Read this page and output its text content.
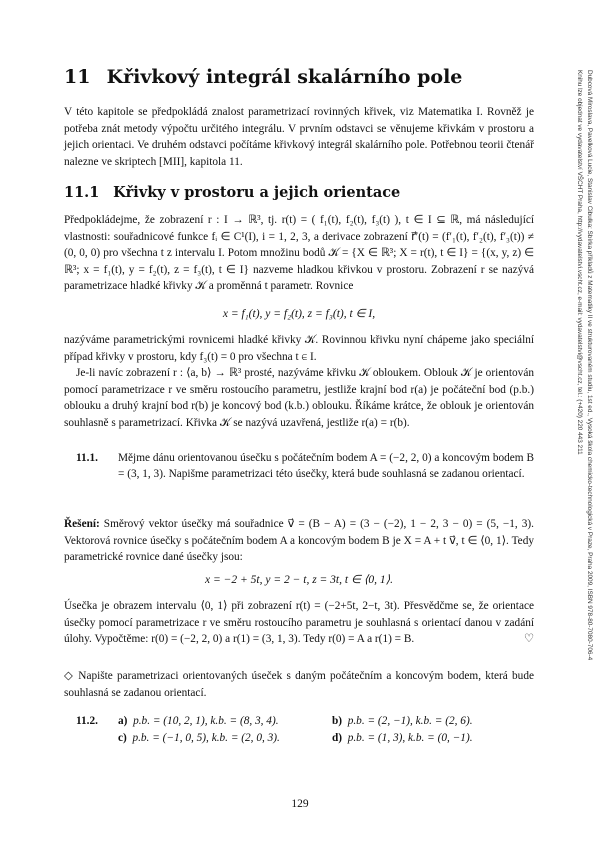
11 Křivkový integrál skalárního pole
V této kapitole se předpokládá znalost parametrizací rovinných křivek, viz Matematika I. Rovněž je potřeba znát metody výpočtu určitého integrálu. V prvním odstavci se věnujeme křivkám v prostoru a jejich orientaci. Ve druhém odstavci počítáme křivkový integrál skalárního pole. Potřebnou teorii čtenář nalezne ve skriptech [MII], kapitola 11.
11.1 Křivky v prostoru a jejich orientace
Předpokládejme, že zobrazení r : I → ℝ³, tj. r(t) = ( f₁(t), f₂(t), f₃(t) ), t ∈ I ⊆ ℝ, má následující vlastnosti: souřadnicové funkce fᵢ ∈ C¹(I), i = 1, 2, 3, a derivace zobrazení r⃗′(t) = (f′₁(t), f′₂(t), f′₃(t)) ≠ (0, 0, 0) pro všechna t z intervalu I. Potom množinu bodů 𝒦 = {X ∈ ℝ³; X = r(t), t ∈ I} = {(x, y, z) ∈ ℝ³; x = f₁(t), y = f₂(t), z = f₃(t), t ∈ I} nazveme hladkou křivkou v prostoru. Zobrazení r se nazývá parametrizace hladké křivky 𝒦 a proměnná t parametr. Rovnice
x = f₁(t), y = f₂(t), z = f₃(t), t ∈ I,
nazýváme parametrickými rovnicemi hladké křivky 𝒦. Rovinnou křivku nyní chápeme jako speciální případ křivky v prostoru, kdy f₃(t) = 0 pro všechna t ∈ I.
Je-li navíc zobrazení r : ⟨a, b⟩ → ℝ³ prosté, nazýváme křivku 𝒦 obloukem. Oblouk 𝒦 je orientován pomocí parametrizace r ve směru rostoucího parametru, jestliže krajní bod r(a) je počáteční bod (p.b.) oblouku a druhý krajní bod r(b) je koncový bod (k.b.) oblouku. Říkáme krátce, že oblouk je orientován souhlasně s parametrizací. Křivka 𝒦 se nazývá uzavřená, jestliže r(a) = r(b).
11.1. Mějme dánu orientovanou úsečku s počátečním bodem A = (−2, 2, 0) a koncovým bodem B = (3, 1, 3). Napišme parametrizaci této úsečky, která bude souhlasná se zadanou orientací.
Řešení: Směrový vektor úsečky má souřadnice v⃗ = (B − A) = (3 − (−2), 1 − 2, 3 − 0) = (5, −1, 3). Vektorová rovnice úsečky s počátečním bodem A a koncovým bodem B je X = A + t v⃗, t ∈ ⟨0, 1⟩. Tedy parametrické rovnice dané úsečky jsou:
x = −2 + 5t, y = 2 − t, z = 3t, t ∈ ⟨0, 1⟩.
Úsečka je obrazem intervalu ⟨0, 1⟩ při zobrazení r(t) = (−2+5t, 2−t, 3t). Přesvědčme se, že orientace úsečky pomocí parametrizace r ve směru rostoucího parametru je souhlasná s orientací danou v zadání úlohy. Vypočtěme: r(0) = (−2, 2, 0) a r(1) = (3, 1, 3). Tedy r(0) = A a r(1) = B.	♡
◇ Napište parametrizaci orientovaných úseček s daným počátečním a koncovým bodem, která bude souhlasná se zadanou orientací.
11.2. a) p.b. = (10, 2, 1), k.b. = (8, 3, 4).	b) p.b. = (2, −1), k.b. = (2, 6).
c) p.b. = (−1, 0, 5), k.b. = (2, 0, 3).	d) p.b. = (1, 3), k.b. = (0, −1).
129
Dubcová Miroslava, Pavelková Lucie, Stanislav Cibulka: Sbírka příkladů z Matematiky II ve strukturovaném studiu, 1st ed., Vysoká škola chemicko-technologická v Praze, Praha 2009, ISBN 978-80-7080-706-4
Knihu lze objednat ve vydavatelství VŠCHT Praha, http://vydavatelstvi.vscht.cz, e-mail: vydavatelstvi@vscht.cz, tel.: (+420) 220 443 211
